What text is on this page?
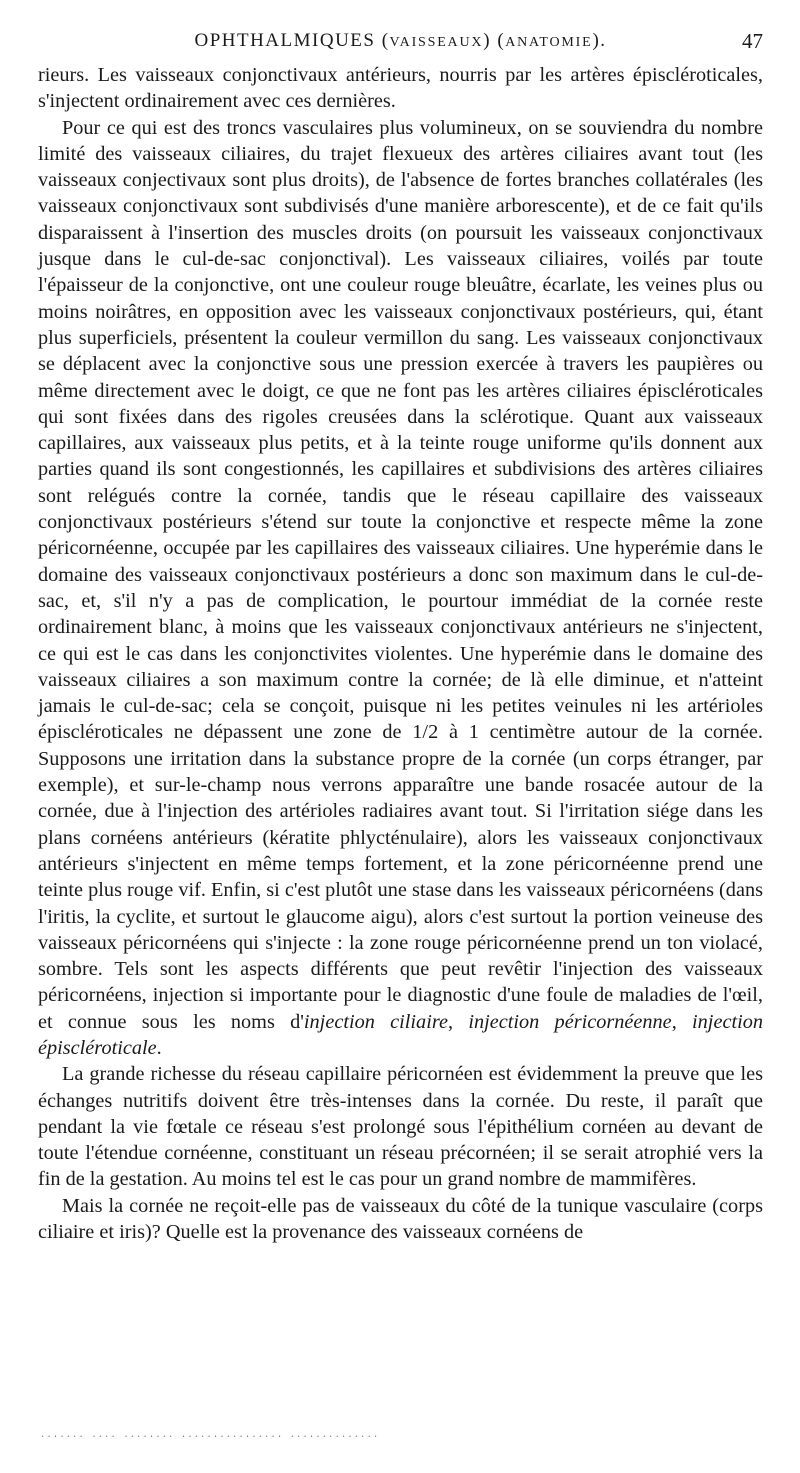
OPHTHALMIQUES (VAISSEAUX) (ANATOMIE).	47

rieurs. Les vaisseaux conjonctivaux antérieurs, nourris par les artères épiscléroticales, s'injectent ordinairement avec ces dernières.

Pour ce qui est des troncs vasculaires plus volumineux, on se souviendra du nombre limité des vaisseaux ciliaires, du trajet flexueux des artères ciliaires avant tout (les vaisseaux conjectivaux sont plus droits), de l'absence de fortes branches collatérales (les vaisseaux conjonctivaux sont subdivisés d'une manière arborescente), et de ce fait qu'ils disparaissent à l'insertion des muscles droits (on poursuit les vaisseaux conjonctivaux jusque dans le cul-de-sac conjonctival). Les vaisseaux ciliaires, voilés par toute l'épaisseur de la conjonctive, ont une couleur rouge bleuâtre, écarlate, les veines plus ou moins noirâtres, en opposition avec les vaisseaux conjonctivaux postérieurs, qui, étant plus superficiels, présentent la couleur vermillon du sang. Les vaisseaux conjonctivaux se déplacent avec la conjonctive sous une pression exercée à travers les paupières ou même directement avec le doigt, ce que ne font pas les artères ciliaires épiscléroticales qui sont fixées dans des rigoles creusées dans la sclérotique. Quant aux vaisseaux capillaires, aux vaisseaux plus petits, et à la teinte rouge uniforme qu'ils donnent aux parties quand ils sont congestionnés, les capillaires et subdivisions des artères ciliaires sont relégués contre la cornée, tandis que le réseau capillaire des vaisseaux conjonctivaux postérieurs s'étend sur toute la conjonctive et respecte même la zone péricornéenne, occupée par les capillaires des vaisseaux ciliaires. Une hyperémie dans le domaine des vaisseaux conjonctivaux postérieurs a donc son maximum dans le cul-de-sac, et, s'il n'y a pas de complication, le pourtour immédiat de la cornée reste ordinairement blanc, à moins que les vaisseaux conjonctivaux antérieurs ne s'injectent, ce qui est le cas dans les conjonctivites violentes. Une hyperémie dans le domaine des vaisseaux ciliaires a son maximum contre la cornée; de là elle diminue, et n'atteint jamais le cul-de-sac; cela se conçoit, puisque ni les petites veinules ni les artérioles épiscléroticales ne dépassent une zone de 1/2 à 1 centimètre autour de la cornée. Supposons une irritation dans la substance propre de la cornée (un corps étranger, par exemple), et sur-le-champ nous verrons apparaître une bande rosacée autour de la cornée, due à l'injection des artérioles radiaires avant tout. Si l'irritation siége dans les plans cornéens antérieurs (kératite phlycténulaire), alors les vaisseaux conjonctivaux antérieurs s'injectent en même temps fortement, et la zone péricornéenne prend une teinte plus rouge vif. Enfin, si c'est plutôt une stase dans les vaisseaux péricornéens (dans l'iritis, la cyclite, et surtout le glaucome aigu), alors c'est surtout la portion veineuse des vaisseaux péricornéens qui s'injecte : la zone rouge péricornéenne prend un ton violacé, sombre. Tels sont les aspects différents que peut revêtir l'injection des vaisseaux péricornéens, injection si importante pour le diagnostic d'une foule de maladies de l'œil, et connue sous les noms d'injection ciliaire, injection péricornéenne, injection épiscléroticale.

La grande richesse du réseau capillaire péricornéen est évidemment la preuve que les échanges nutritifs doivent être très-intenses dans la cornée. Du reste, il paraît que pendant la vie fœtale ce réseau s'est prolongé sous l'épithélium cornéen au devant de toute l'étendue cornéenne, constituant un réseau précornéen; il se serait atrophié vers la fin de la gestation. Au moins tel est le cas pour un grand nombre de mammifères.

Mais la cornée ne reçoit-elle pas de vaisseaux du côté de la tunique vasculaire (corps ciliaire et iris)? Quelle est la provenance des vaisseaux cornéens de

....... .... ........ ................ ..............
